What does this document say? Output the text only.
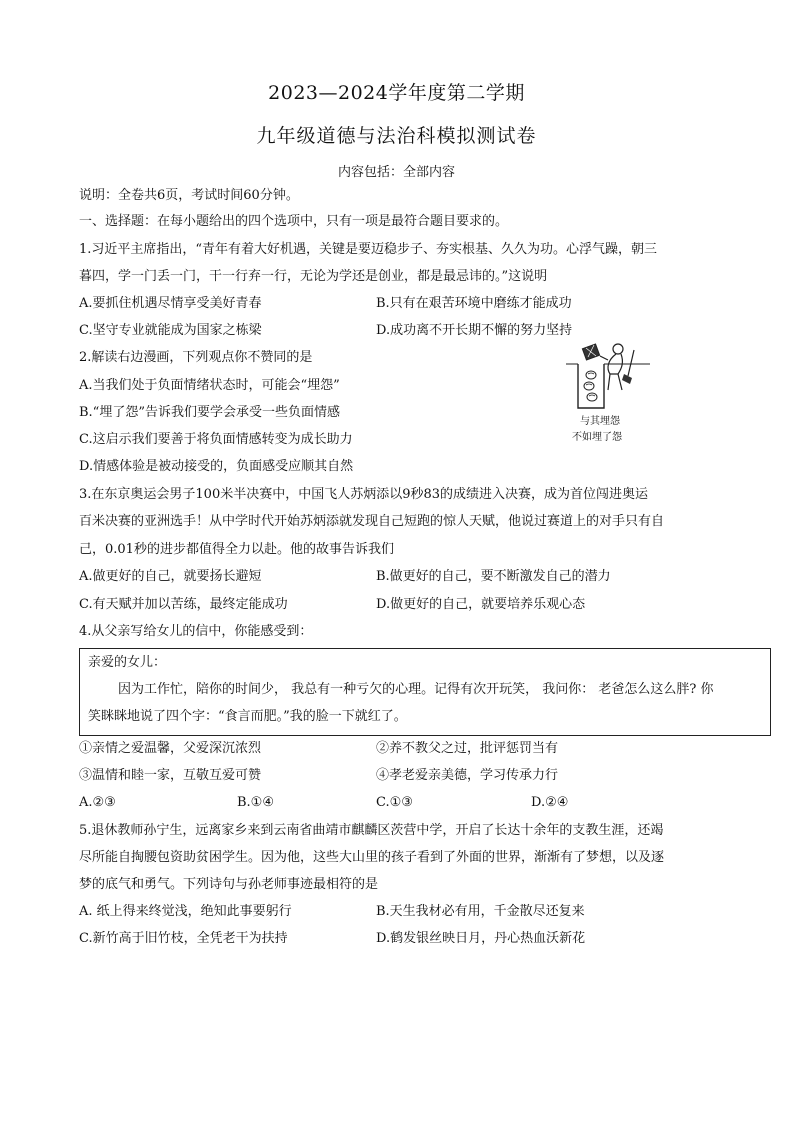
2023—2024学年度第二学期
九年级道德与法治科模拟测试卷
内容包括：全部内容
说明：全卷共6页，考试时间60分钟。
一、选择题：在每小题给出的四个选项中，只有一项是最符合题目要求的。
1.习近平主席指出，“青年有着大好机遇，关键是要迈稳步子、夯实根基、久久为功。心浮气躁，朝三
暮四，学一门丢一门，干一行弃一行，无论为学还是创业，都是最忌讳的。”这说明
A.要抓住机遇尽情享受美好青春	B.只有在艰苦环境中磨练才能成功
C.坚守专业就能成为国家之栋梁	D.成功离不开长期不懈的努力坚持
2.解读右边漫画，下列观点你不赞同的是
A.当我们处于负面情绪状态时，可能会“埋怨”
B.“埋了怨”告诉我们要学会承受一些负面情感
C.这启示我们要善于将负面情感转变为成长助力
D.情感体验是被动接受的，负面感受应顺其自然
与其埋怨
不如埋了怨
3.在东京奥运会男子100米半决赛中，中国飞人苏炳添以9秒83的成绩进入决赛，成为首位闯进奥运
百米决赛的亚洲选手！从中学时代开始苏炳添就发现自己短跑的惊人天赋，他说过赛道上的对手只有自
己，0.01秒的进步都值得全力以赴。他的故事告诉我们
A.做更好的自己，就要扬长避短	B.做更好的自己，要不断激发自己的潜力
C.有天赋并加以苦练，最终定能成功	D.做更好的自己，就要培养乐观心态
4.从父亲写给女儿的信中，你能感受到：
亲爱的女儿：
因为工作忙，陪你的时间少， 我总有一种亏欠的心理。记得有次开玩笑， 我问你： 老爸怎么这么胖? 你
笑眯眯地说了四个字：“食言而肥。”我的脸一下就红了。
①亲情之爱温馨，父爱深沉浓烈	②养不教父之过，批评惩罚当有
③温情和睦一家，互敬互爱可赞	④孝老爱亲美德，学习传承力行
A.②③	B.①④	C.①③	D.②④
5.退休教师孙宁生，远离家乡来到云南省曲靖市麒麟区茨营中学，开启了长达十余年的支教生涯，还竭
尽所能自掏腰包资助贫困学生。因为他，这些大山里的孩子看到了外面的世界，渐渐有了梦想，以及逐
梦的底气和勇气。下列诗句与孙老师事迹最相符的是
A. 纸上得来终觉浅，绝知此事要躬行	B.天生我材必有用，千金散尽还复来
C.新竹高于旧竹枝，全凭老干为扶持	D.鹤发银丝映日月，丹心热血沃新花
